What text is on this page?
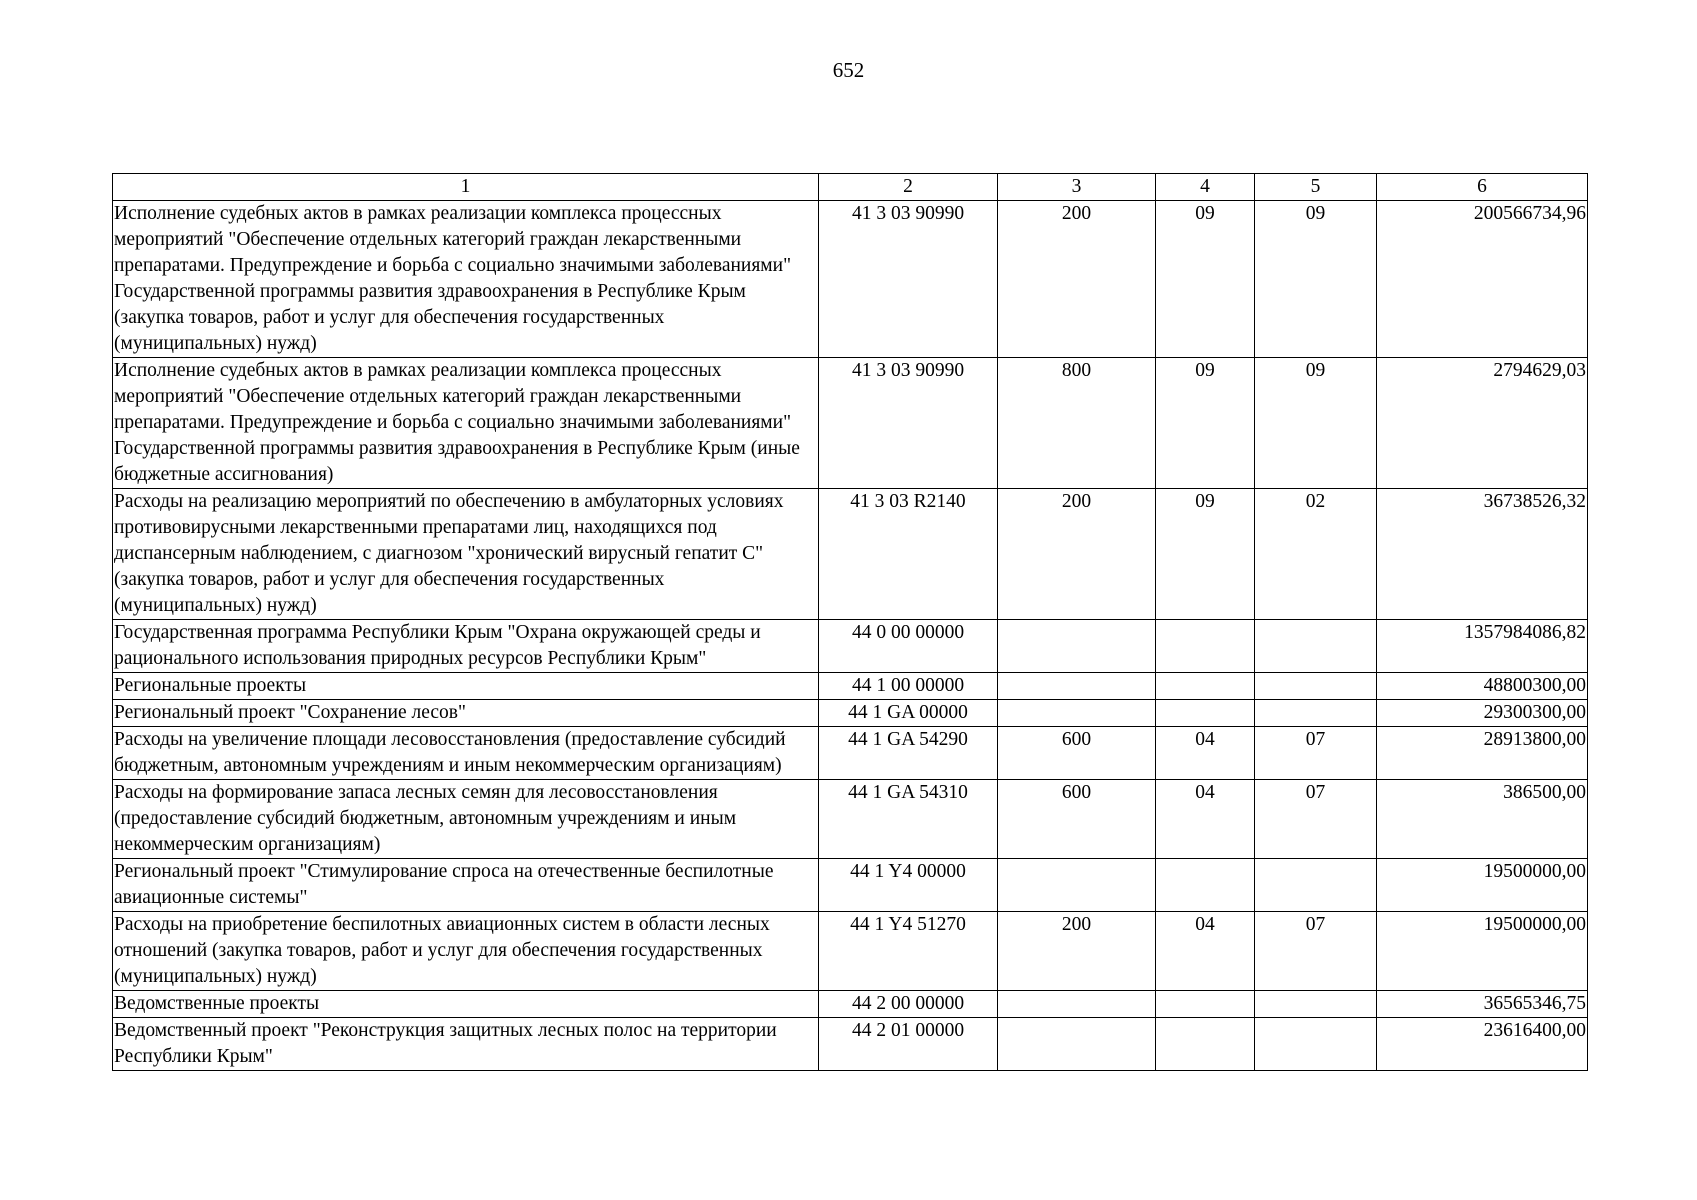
652
1	2	3	4	5	6
Исполнение судебных актов в рамках реализации комплекса процессных мероприятий "Обеспечение отдельных категорий граждан лекарственными препаратами. Предупреждение и борьба с социально значимыми заболеваниями" Государственной программы развития здравоохранения в Республике Крым (закупка товаров, работ и услуг для обеспечения государственных (муниципальных) нужд)	41 3 03 90990	200	09	09	200566734,96
Исполнение судебных актов в рамках реализации комплекса процессных мероприятий "Обеспечение отдельных категорий граждан лекарственными препаратами. Предупреждение и борьба с социально значимыми заболеваниями" Государственной программы развития здравоохранения в Республике Крым (иные бюджетные ассигнования)	41 3 03 90990	800	09	09	2794629,03
Расходы на реализацию мероприятий по обеспечению в амбулаторных условиях противовирусными лекарственными препаратами лиц, находящихся под диспансерным наблюдением, с диагнозом "хронический вирусный гепатит С" (закупка товаров, работ и услуг для обеспечения государственных (муниципальных) нужд)	41 3 03 R2140	200	09	02	36738526,32
Государственная программа Республики Крым "Охрана окружающей среды и рационального использования природных ресурсов Республики Крым"	44 0 00 00000				1357984086,82
Региональные проекты	44 1 00 00000				48800300,00
Региональный проект "Сохранение лесов"	44 1 GA 00000				29300300,00
Расходы на увеличение площади лесовосстановления (предоставление субсидий бюджетным, автономным учреждениям и иным некоммерческим организациям)	44 1 GA 54290	600	04	07	28913800,00
Расходы на формирование запаса лесных семян для лесовосстановления (предоставление субсидий бюджетным, автономным учреждениям и иным некоммерческим организациям)	44 1 GA 54310	600	04	07	386500,00
Региональный проект "Стимулирование спроса на отечественные беспилотные авиационные системы"	44 1 Y4 00000				19500000,00
Расходы на приобретение беспилотных авиационных систем в области лесных отношений (закупка товаров, работ и услуг для обеспечения государственных (муниципальных) нужд)	44 1 Y4 51270	200	04	07	19500000,00
Ведомственные проекты	44 2 00 00000				36565346,75
Ведомственный проект "Реконструкция защитных лесных полос на территории Республики Крым"	44 2 01 00000				23616400,00
